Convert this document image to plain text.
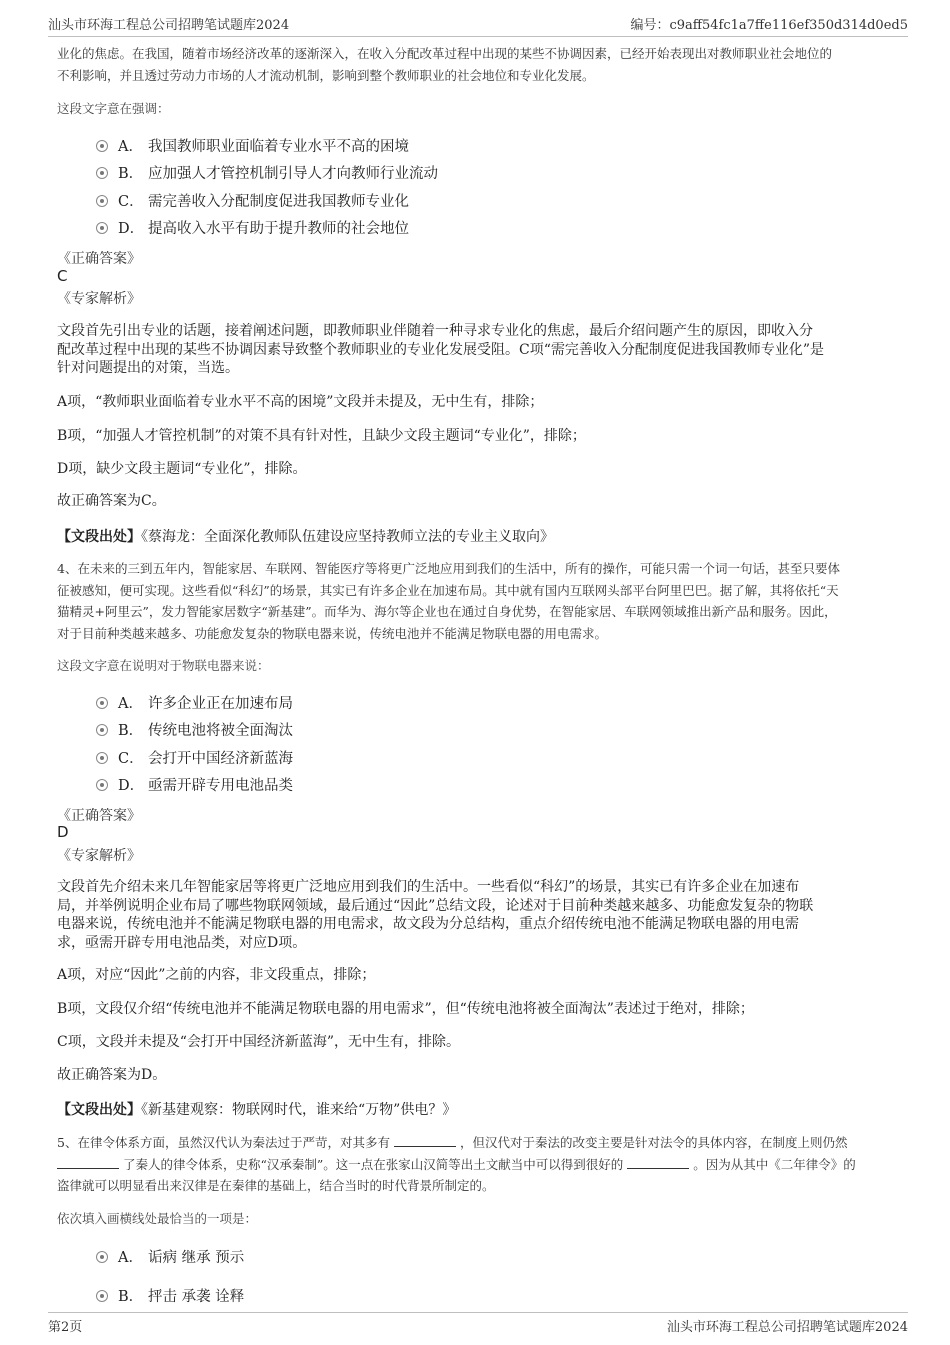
汕头市环海工程总公司招聘笔试题库2024	编号：c9aff54fc1a7ffe116ef350d314d0ed5
业化的焦虑。在我国，随着市场经济改革的逐渐深入，在收入分配改革过程中出现的某些不协调因素，已经开始表现出对教师职业社会地位的
不利影响，并且透过劳动力市场的人才流动机制，影响到整个教师职业的社会地位和专业化发展。
这段文字意在强调：
A． 我国教师职业面临着专业水平不高的困境
B． 应加强人才管控机制引导人才向教师行业流动
C． 需完善收入分配制度促进我国教师专业化
D． 提高收入水平有助于提升教师的社会地位
《正确答案》
C
《专家解析》
文段首先引出专业的话题，接着阐述问题，即教师职业伴随着一种寻求专业化的焦虑，最后介绍问题产生的原因，即收入分
配改革过程中出现的某些不协调因素导致整个教师职业的专业化发展受阻。C项“需完善收入分配制度促进我国教师专业化”是
针对问题提出的对策，当选。
A项，“教师职业面临着专业水平不高的困境”文段并未提及，无中生有，排除；
B项，“加强人才管控机制”的对策不具有针对性，且缺少文段主题词“专业化”，排除；
D项，缺少文段主题词“专业化”，排除。
故正确答案为C。
【文段出处】《蔡海龙：全面深化教师队伍建设应坚持教师立法的专业主义取向》
4、在未来的三到五年内，智能家居、车联网、智能医疗等将更广泛地应用到我们的生活中，所有的操作，可能只需一个词一句话，甚至只要体
征被感知，便可实现。这些看似“科幻”的场景，其实已有许多企业在加速布局。其中就有国内互联网头部平台阿里巴巴。据了解，其将依托“天
猫精灵+阿里云”，发力智能家居数字“新基建”。而华为、海尔等企业也在通过自身优势，在智能家居、车联网领域推出新产品和服务。因此，
对于目前种类越来越多、功能愈发复杂的物联电器来说，传统电池并不能满足物联电器的用电需求。
这段文字意在说明对于物联电器来说：
A． 许多企业正在加速布局
B． 传统电池将被全面淘汰
C． 会打开中国经济新蓝海
D． 亟需开辟专用电池品类
《正确答案》
D
《专家解析》
文段首先介绍未来几年智能家居等将更广泛地应用到我们的生活中。一些看似“科幻”的场景，其实已有许多企业在加速布
局，并举例说明企业布局了哪些物联网领域，最后通过“因此”总结文段，论述对于目前种类越来越多、功能愈发复杂的物联
电器来说，传统电池并不能满足物联电器的用电需求，故文段为分总结构，重点介绍传统电池不能满足物联电器的用电需
求，亟需开辟专用电池品类，对应D项。
A项，对应“因此”之前的内容，非文段重点，排除；
B项，文段仅介绍“传统电池并不能满足物联电器的用电需求”，但“传统电池将被全面淘汰”表述过于绝对，排除；
C项，文段并未提及“会打开中国经济新蓝海”，无中生有，排除。
故正确答案为D。
【文段出处】《新基建观察：物联网时代，谁来给“万物”供电？》
5、在律令体系方面，虽然汉代认为秦法过于严苛，对其多有	，但汉代对于秦法的改变主要是针对法令的具体内容，在制度上则仍然
了秦人的律令体系，史称“汉承秦制”。这一点在张家山汉简等出土文献当中可以得到很好的	。因为从其中《二年律令》的
盗律就可以明显看出来汉律是在秦律的基础上，结合当时的时代背景所制定的。
依次填入画横线处最恰当的一项是：
A． 诟病 继承 预示
B． 抨击 承袭 诠释
第2页	汕头市环海工程总公司招聘笔试题库2024
